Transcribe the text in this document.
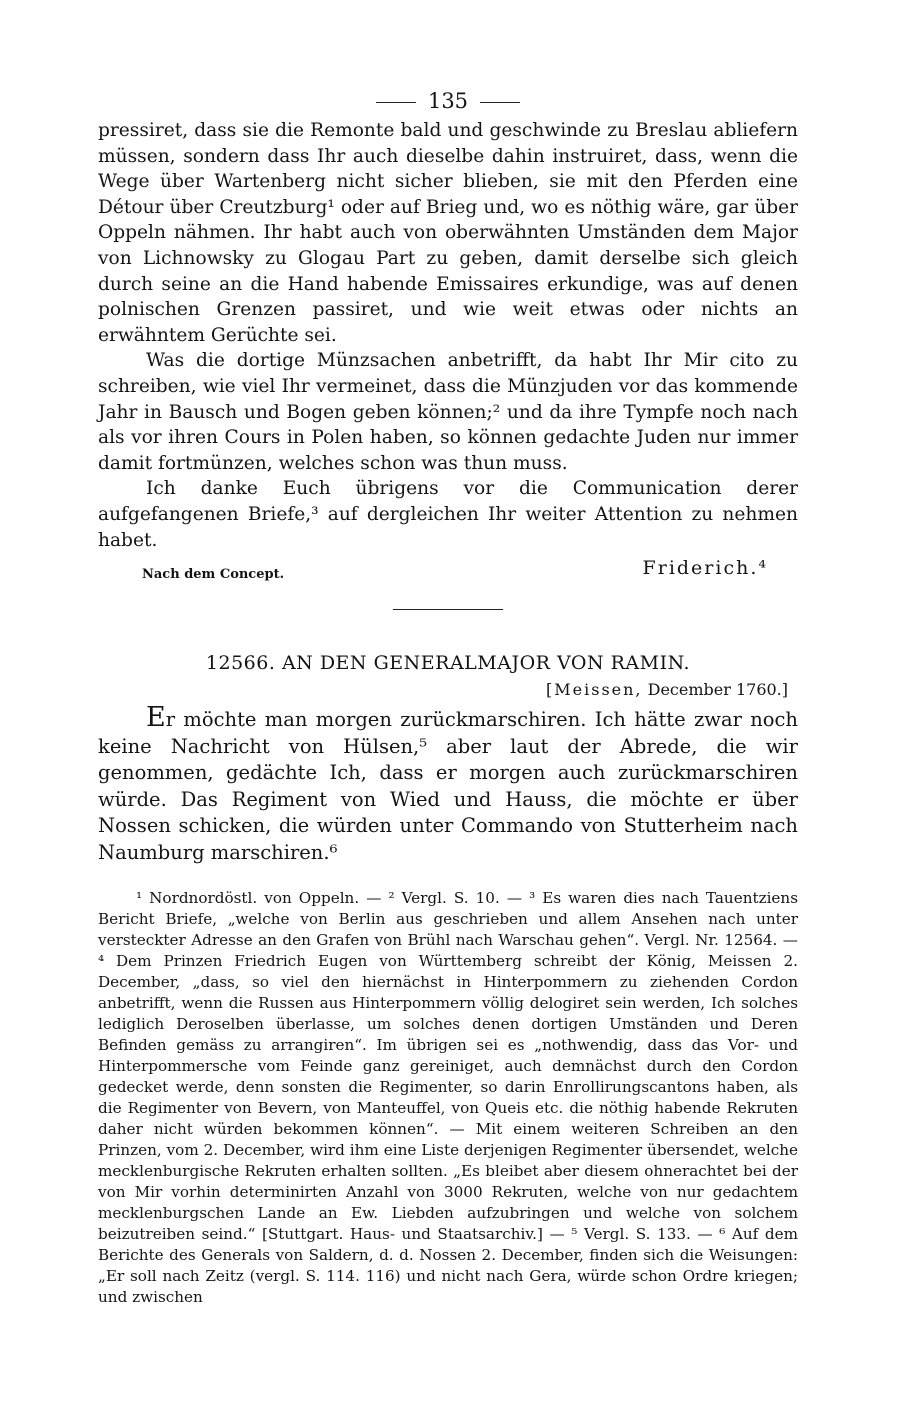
135

pressiret, dass sie die Remonte bald und geschwinde zu Breslau abliefern müssen, sondern dass Ihr auch dieselbe dahin instruiret, dass, wenn die Wege über Wartenberg nicht sicher blieben, sie mit den Pferden eine Détour über Creutzburg¹ oder auf Brieg und, wo es nöthig wäre, gar über Oppeln nähmen. Ihr habt auch von oberwähnten Umständen dem Major von Lichnowsky zu Glogau Part zu geben, damit derselbe sich gleich durch seine an die Hand habende Emissaires erkundige, was auf denen polnischen Grenzen passiret, und wie weit etwas oder nichts an erwähntem Gerüchte sei.

Was die dortige Münzsachen anbetrifft, da habt Ihr Mir cito zu schreiben, wie viel Ihr vermeinet, dass die Münzjuden vor das kommende Jahr in Bausch und Bogen geben können;² und da ihre Tympfe noch nach als vor ihren Cours in Polen haben, so können gedachte Juden nur immer damit fortmünzen, welches schon was thun muss.

Ich danke Euch übrigens vor die Communication derer aufgefangenen Briefe,³ auf dergleichen Ihr weiter Attention zu nehmen habet.

Nach dem Concept.	Friderich.⁴
12566. AN DEN GENERALMAJOR VON RAMIN.
[Meissen, December 1760.]

Er möchte man morgen zurückmarschiren. Ich hätte zwar noch keine Nachricht von Hülsen,⁵ aber laut der Abrede, die wir genommen, gedächte Ich, dass er morgen auch zurückmarschiren würde. Das Regiment von Wied und Hauss, die möchte er über Nossen schicken, die würden unter Commando von Stutterheim nach Naumburg marschiren.⁶

¹ Nordnordöstl. von Oppeln. — ² Vergl. S. 10. — ³ Es waren dies nach Tauentziens Bericht Briefe, „welche von Berlin aus geschrieben und allem Ansehen nach unter versteckter Adresse an den Grafen von Brühl nach Warschau gehen“. Vergl. Nr. 12564. — ⁴ Dem Prinzen Friedrich Eugen von Württemberg schreibt der König, Meissen 2. December, „dass, so viel den hiernächst in Hinterpommern zu ziehenden Cordon anbetrifft, wenn die Russen aus Hinterpommern völlig delogiret sein werden, Ich solches lediglich Deroselben überlasse, um solches denen dortigen Umständen und Deren Befinden gemäss zu arrangiren“. Im übrigen sei es „nothwendig, dass das Vor- und Hinterpommersche vom Feinde ganz gereiniget, auch demnächst durch den Cordon gedecket werde, denn sonsten die Regimenter, so darin Enrollirungscantons haben, als die Regimenter von Bevern, von Manteuffel, von Queis etc. die nöthig habende Rekruten daher nicht würden bekommen können“. — Mit einem weiteren Schreiben an den Prinzen, vom 2. December, wird ihm eine Liste derjenigen Regimenter übersendet, welche mecklenburgische Rekruten erhalten sollten. „Es bleibet aber diesem ohnerachtet bei der von Mir vorhin determinirten Anzahl von 3000 Rekruten, welche von nur gedachtem mecklenburgschen Lande an Ew. Liebden aufzubringen und welche von solchem beizutreiben seind.“ [Stuttgart. Haus- und Staatsarchiv.] — ⁵ Vergl. S. 133. — ⁶ Auf dem Berichte des Generals von Saldern, d. d. Nossen 2. December, finden sich die Weisungen: „Er soll nach Zeitz (vergl. S. 114. 116) und nicht nach Gera, würde schon Ordre kriegen; und zwischen
